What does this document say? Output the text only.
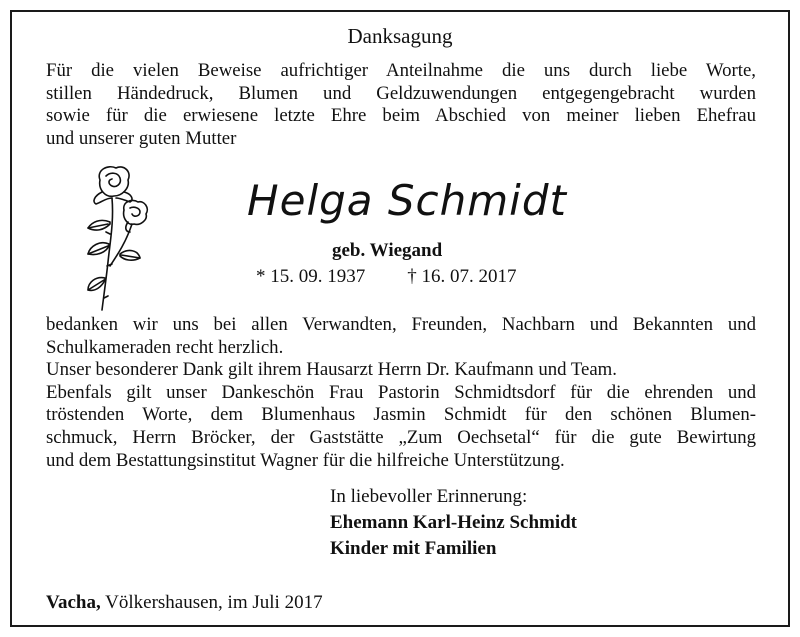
Danksagung

Für die vielen Beweise aufrichtiger Anteilnahme die uns durch liebe Worte,
stillen Händedruck, Blumen und Geldzuwendungen entgegengebracht wurden
sowie für die erwiesene letzte Ehre beim Abschied von meiner lieben Ehefrau
und unserer guten Mutter

Helga Schmidt
geb. Wiegand
* 15. 09. 1937 † 16. 07. 2017

bedanken wir uns bei allen Verwandten, Freunden, Nachbarn und Bekannten und
Schulkameraden recht herzlich.
Unser besonderer Dank gilt ihrem Hausarzt Herrn Dr. Kaufmann und Team.
Ebenfals gilt unser Dankeschön Frau Pastorin Schmidtsdorf für die ehrenden und
tröstenden Worte, dem Blumenhaus Jasmin Schmidt für den schönen Blumen-
schmuck, Herrn Bröcker, der Gaststätte „Zum Oechsetal“ für die gute Bewirtung
und dem Bestattungsinstitut Wagner für die hilfreiche Unterstützung.

In liebevoller Erinnerung:
Ehemann Karl-Heinz Schmidt
Kinder mit Familien
Vacha, Völkershausen, im Juli 2017
